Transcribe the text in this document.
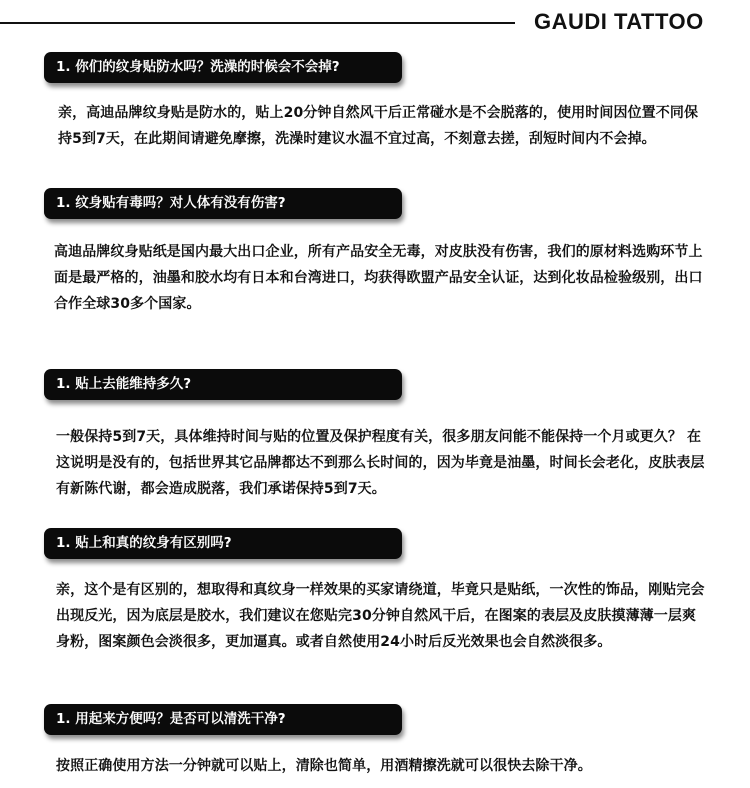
GAUDI TATTOO
1. 你们的纹身贴防水吗？洗澡的时候会不会掉?
亲，高迪品牌纹身贴是防水的，贴上20分钟自然风干后正常碰水是不会脱落的，使用时间因位置不同保持5到7天，在此期间请避免摩擦，洗澡时建议水温不宜过高，不刻意去搓，刮短时间内不会掉。
1. 纹身贴有毒吗？对人体有没有伤害?
高迪品牌纹身贴纸是国内最大出口企业，所有产品安全无毒，对皮肤没有伤害，我们的原材料选购环节上面是最严格的，油墨和胶水均有日本和台湾进口，均获得欧盟产品安全认证，达到化妆品检验级别，出口合作全球30多个国家。
1. 贴上去能维持多久?
一般保持5到7天，具体维持时间与贴的位置及保护程度有关，很多朋友问能不能保持一个月或更久？ 在这说明是没有的，包括世界其它品牌都达不到那么长时间的，因为毕竟是油墨，时间长会老化，皮肤表层有新陈代谢，都会造成脱落，我们承诺保持5到7天。
1. 贴上和真的纹身有区别吗?
亲，这个是有区别的，想取得和真纹身一样效果的买家请绕道，毕竟只是贴纸，一次性的饰品，刚贴完会出现反光，因为底层是胶水，我们建议在您贴完30分钟自然风干后，在图案的表层及皮肤摸薄薄一层爽身粉，图案颜色会淡很多，更加逼真。或者自然使用24小时后反光效果也会自然淡很多。
1. 用起来方便吗？是否可以清洗干净?
按照正确使用方法一分钟就可以贴上，清除也简单，用酒精擦洗就可以很快去除干净。
